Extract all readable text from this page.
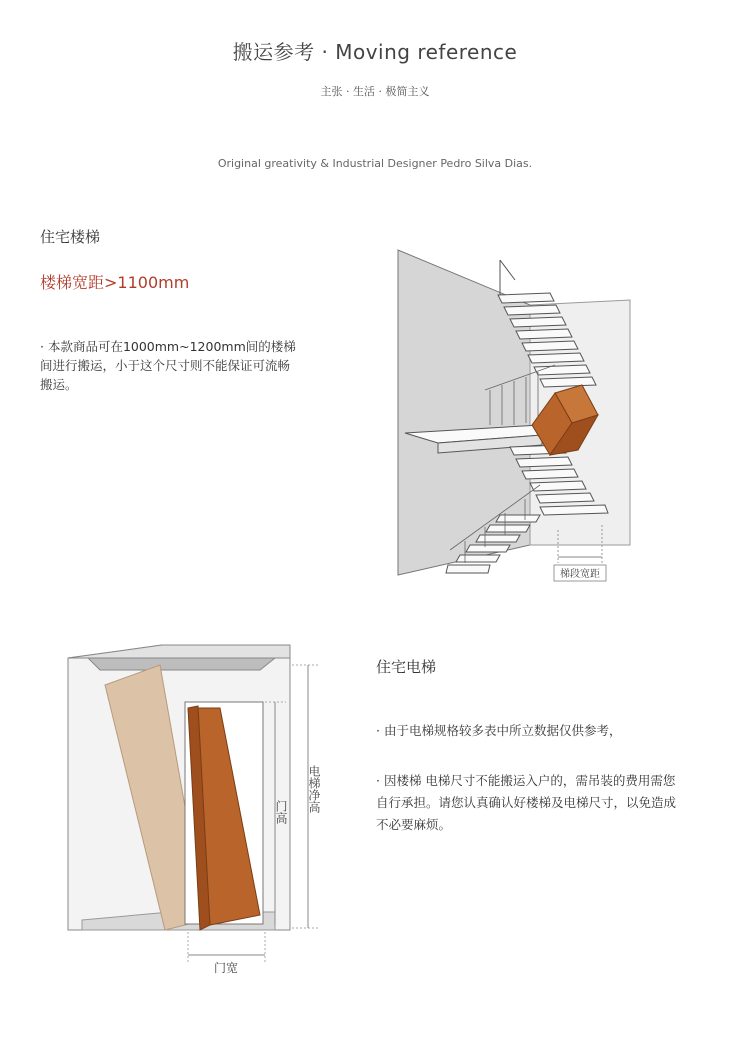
搬运参考 · Moving reference
主张 · 生活 · 极简主义
Original greativity & Industrial Designer Pedro Silva Dias.
住宅楼梯
楼梯宽距>1100mm
· 本款商品可在1000mm~1200mm间的楼梯间进行搬运，小于这个尺寸则不能保证可流畅搬运。
梯段宽距
电梯净高
门高
门宽
住宅电梯
· 由于电梯规格较多表中所立数据仅供参考，
· 因楼梯 电梯尺寸不能搬运入户的，需吊装的费用需您自行承担。请您认真确认好楼梯及电梯尺寸，以免造成不必要麻烦。
